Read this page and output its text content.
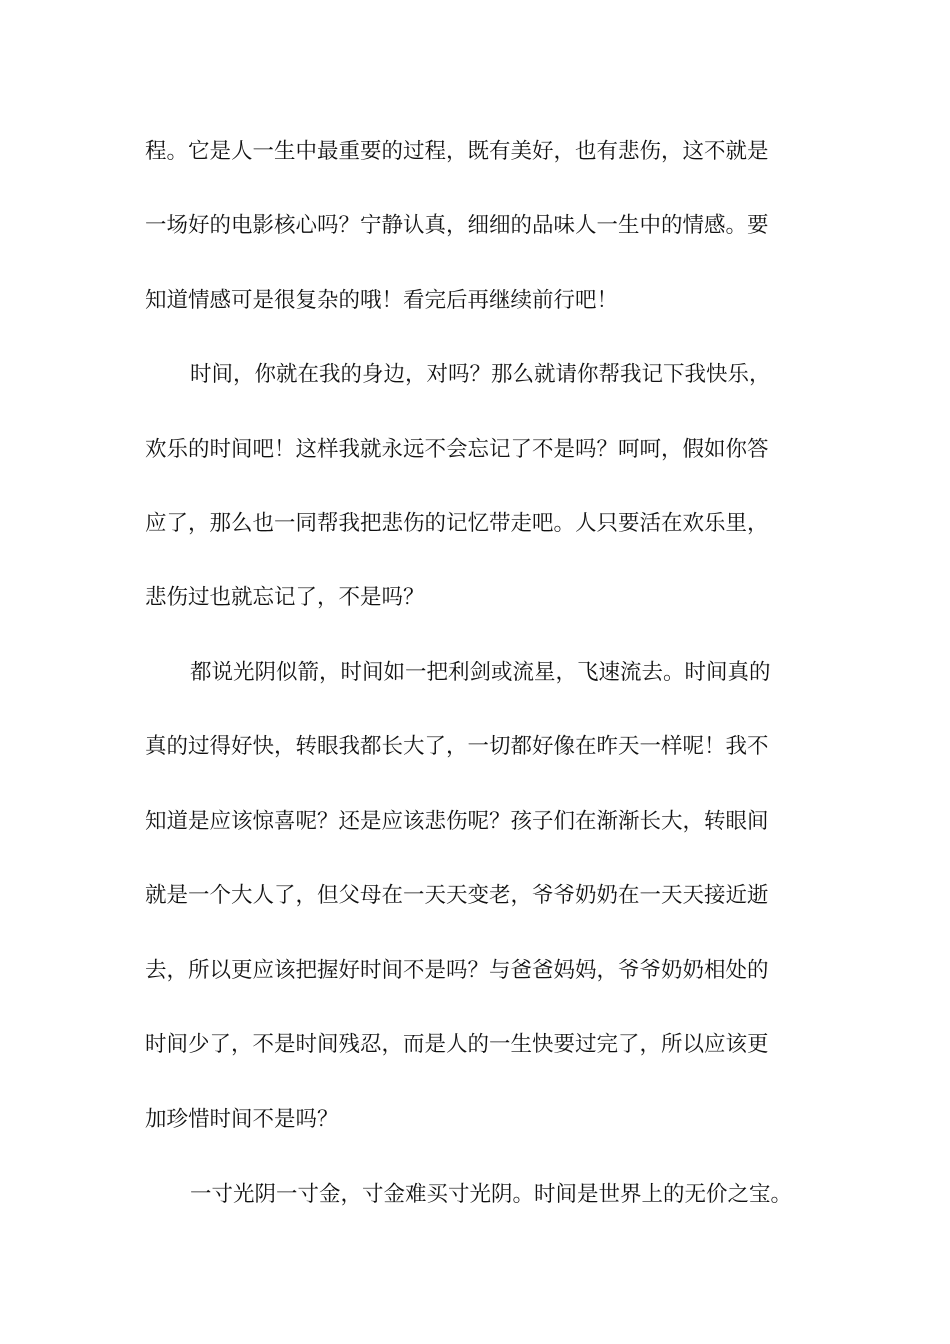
程。它是人一生中最重要的过程，既有美好，也有悲伤，这不就是
一场好的电影核心吗？宁静认真，细细的品味人一生中的情感。要
知道情感可是很复杂的哦！看完后再继续前行吧！
时间，你就在我的身边，对吗？那么就请你帮我记下我快乐，
欢乐的时间吧！这样我就永远不会忘记了不是吗？呵呵，假如你答
应了，那么也一同帮我把悲伤的记忆带走吧。人只要活在欢乐里，
悲伤过也就忘记了，不是吗？
都说光阴似箭，时间如一把利剑或流星，飞速流去。时间真的
真的过得好快，转眼我都长大了，一切都好像在昨天一样呢！我不
知道是应该惊喜呢？还是应该悲伤呢？孩子们在渐渐长大，转眼间
就是一个大人了，但父母在一天天变老，爷爷奶奶在一天天接近逝
去，所以更应该把握好时间不是吗？与爸爸妈妈，爷爷奶奶相处的
时间少了，不是时间残忍，而是人的一生快要过完了，所以应该更
加珍惜时间不是吗？
一寸光阴一寸金，寸金难买寸光阴。时间是世界上的无价之宝。
